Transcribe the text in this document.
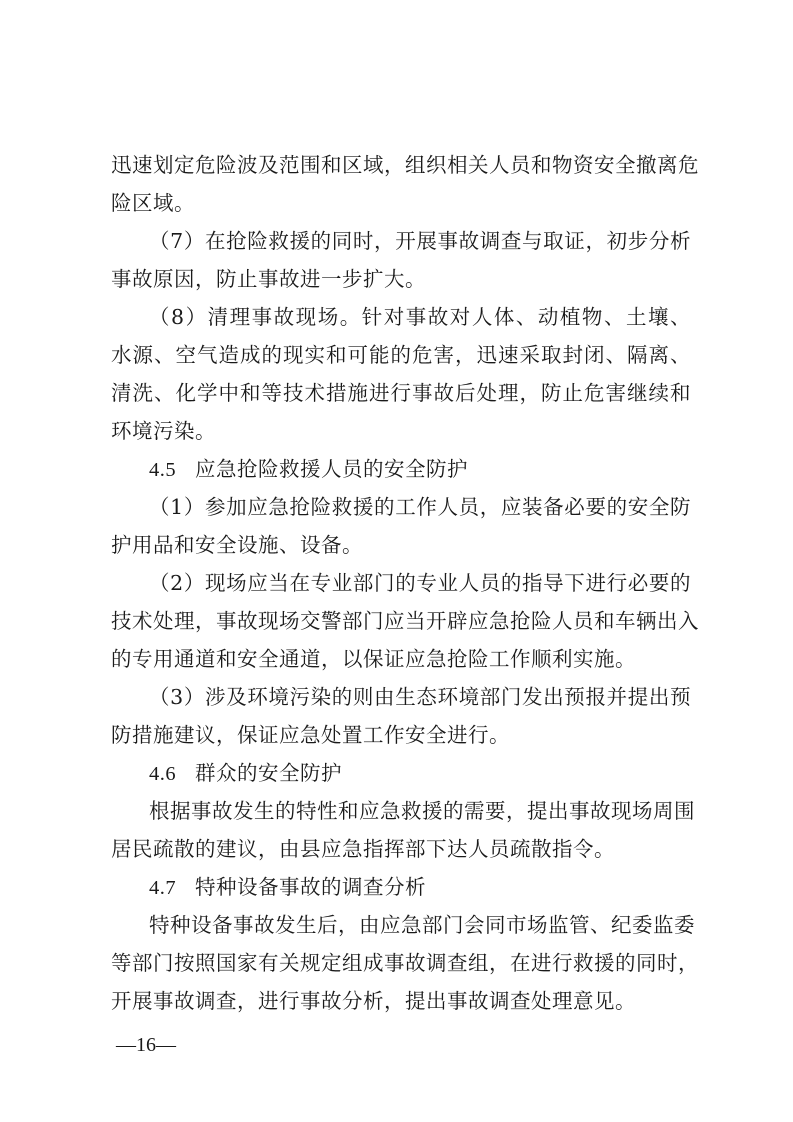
迅速划定危险波及范围和区域，组织相关人员和物资安全撤离危
险区域。
（7）在抢险救援的同时，开展事故调查与取证，初步分析
事故原因，防止事故进一步扩大。
（8）清理事故现场。针对事故对人体、动植物、土壤、
水源、空气造成的现实和可能的危害，迅速采取封闭、隔离、
清洗、化学中和等技术措施进行事故后处理，防止危害继续和
环境污染。
4.5 应急抢险救援人员的安全防护
（1）参加应急抢险救援的工作人员，应装备必要的安全防
护用品和安全设施、设备。
（2）现场应当在专业部门的专业人员的指导下进行必要的
技术处理，事故现场交警部门应当开辟应急抢险人员和车辆出入
的专用通道和安全通道，以保证应急抢险工作顺利实施。
（3）涉及环境污染的则由生态环境部门发出预报并提出预
防措施建议，保证应急处置工作安全进行。
4.6 群众的安全防护
根据事故发生的特性和应急救援的需要，提出事故现场周围
居民疏散的建议，由县应急指挥部下达人员疏散指令。
4.7 特种设备事故的调查分析
特种设备事故发生后，由应急部门会同市场监管、纪委监委
等部门按照国家有关规定组成事故调查组，在进行救援的同时，
开展事故调查，进行事故分析，提出事故调查处理意见。
—16—
